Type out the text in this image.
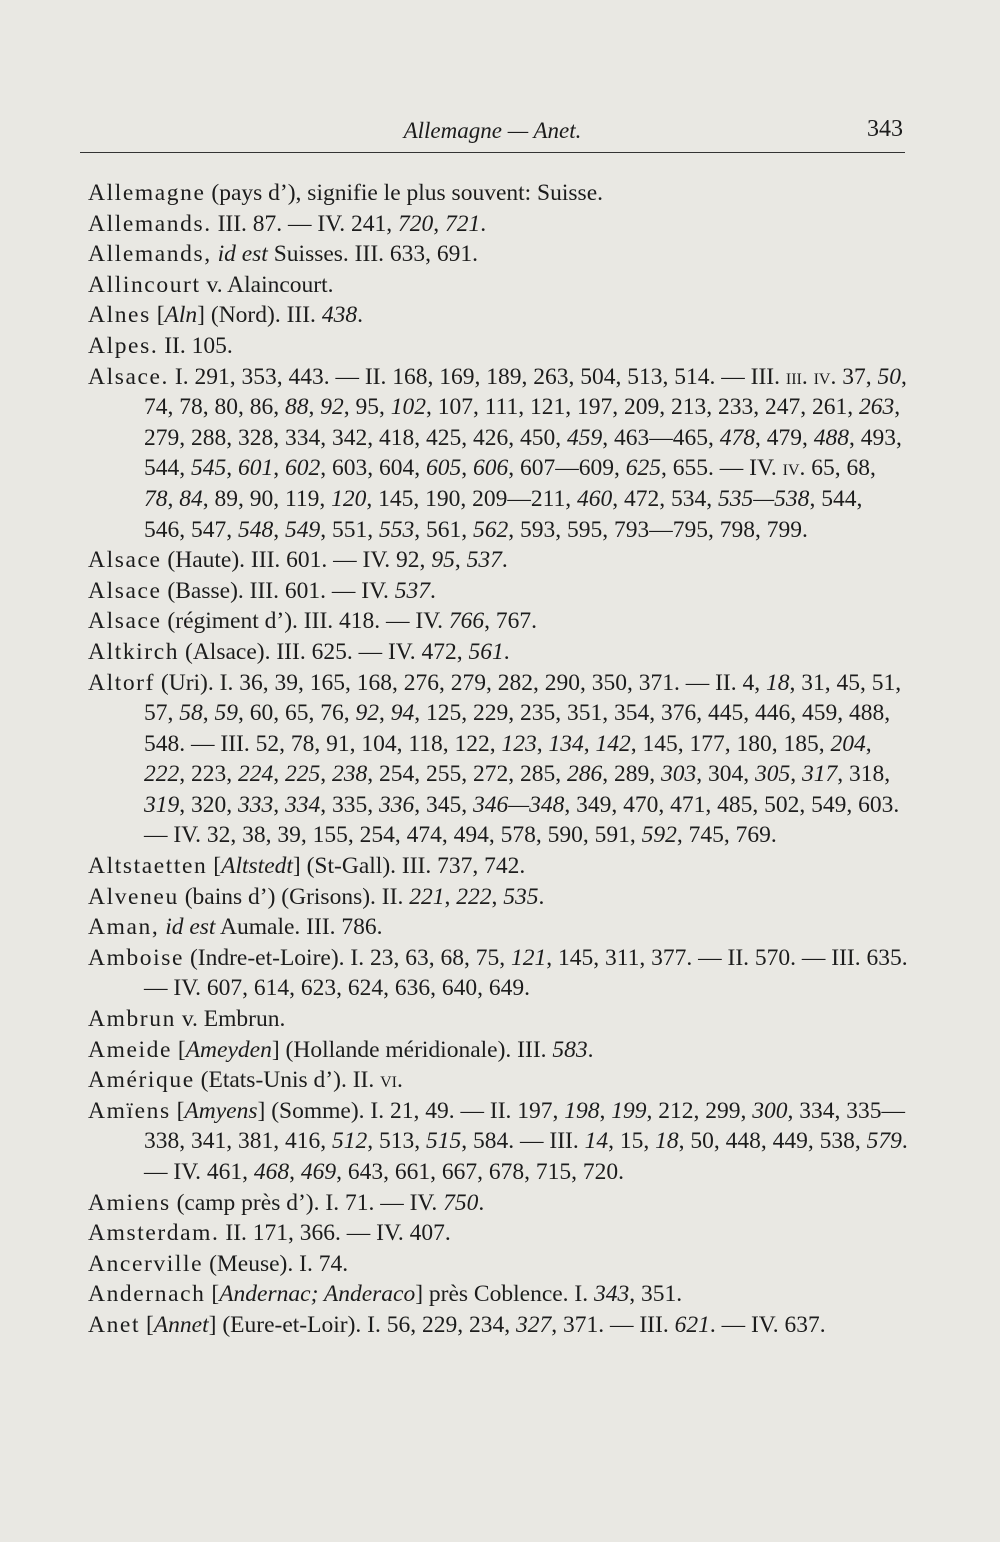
Allemagne — Anet.	343
Allemagne (pays d’), signifie le plus souvent: Suisse.
Allemands. III. 87. — IV. 241, 720, 721.
Allemands, id est Suisses. III. 633, 691.
Allincourt v. Alaincourt.
Alnes [Aln] (Nord). III. 438.
Alpes. II. 105.
Alsace. I. 291, 353, 443. — II. 168, 169, 189, 263, 504, 513, 514. — III. iii. iv. 37, 50, 74, 78, 80, 86, 88, 92, 95, 102, 107, 111, 121, 197, 209, 213, 233, 247, 261, 263, 279, 288, 328, 334, 342, 418, 425, 426, 450, 459, 463—465, 478, 479, 488, 493, 544, 545, 601, 602, 603, 604, 605, 606, 607—609, 625, 655. — IV. iv. 65, 68, 78, 84, 89, 90, 119, 120, 145, 190, 209—211, 460, 472, 534, 535—538, 544, 546, 547, 548, 549, 551, 553, 561, 562, 593, 595, 793—795, 798, 799.
Alsace (Haute). III. 601. — IV. 92, 95, 537.
Alsace (Basse). III. 601. — IV. 537.
Alsace (régiment d’). III. 418. — IV. 766, 767.
Altkirch (Alsace). III. 625. — IV. 472, 561.
Altorf (Uri). I. 36, 39, 165, 168, 276, 279, 282, 290, 350, 371. — II. 4, 18, 31, 45, 51, 57, 58, 59, 60, 65, 76, 92, 94, 125, 229, 235, 351, 354, 376, 445, 446, 459, 488, 548. — III. 52, 78, 91, 104, 118, 122, 123, 134, 142, 145, 177, 180, 185, 204, 222, 223, 224, 225, 238, 254, 255, 272, 285, 286, 289, 303, 304, 305, 317, 318, 319, 320, 333, 334, 335, 336, 345, 346—348, 349, 470, 471, 485, 502, 549, 603. — IV. 32, 38, 39, 155, 254, 474, 494, 578, 590, 591, 592, 745, 769.
Altstaetten [Altstedt] (St-Gall). III. 737, 742.
Alveneu (bains d’) (Grisons). II. 221, 222, 535.
Aman, id est Aumale. III. 786.
Amboise (Indre-et-Loire). I. 23, 63, 68, 75, 121, 145, 311, 377. — II. 570. — III. 635. — IV. 607, 614, 623, 624, 636, 640, 649.
Ambrun v. Embrun.
Ameide [Ameyden] (Hollande méridionale). III. 583.
Amérique (Etats-Unis d’). II. vi.
Amïens [Amyens] (Somme). I. 21, 49. — II. 197, 198, 199, 212, 299, 300, 334, 335—338, 341, 381, 416, 512, 513, 515, 584. — III. 14, 15, 18, 50, 448, 449, 538, 579. — IV. 461, 468, 469, 643, 661, 667, 678, 715, 720.
Amiens (camp près d’). I. 71. — IV. 750.
Amsterdam. II. 171, 366. — IV. 407.
Ancerville (Meuse). I. 74.
Andernach [Andernac; Anderaco] près Coblence. I. 343, 351.
Anet [Annet] (Eure-et-Loir). I. 56, 229, 234, 327, 371. — III. 621. — IV. 637.
